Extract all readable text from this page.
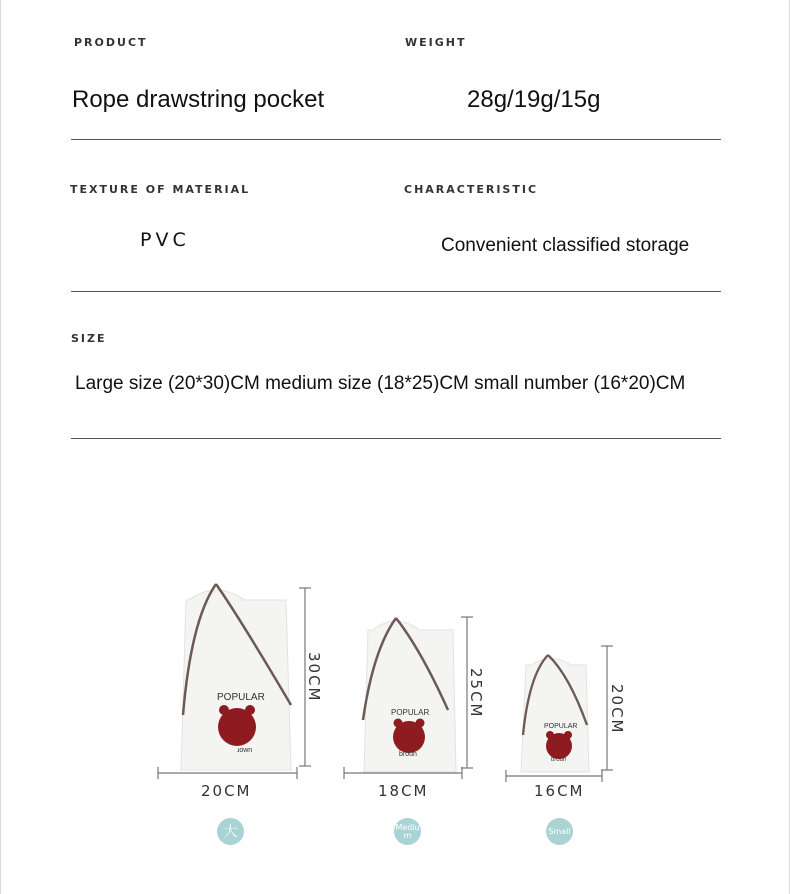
PRODUCT
Rope drawstring pocket
WEIGHT
28g/19g/15g
TEXTURE OF MATERIAL
PVC
CHARACTERISTIC
Convenient classified storage
SIZE
Large size (20*30)CM medium size (18*25)CM small number (16*20)CM
POPULAR
ɹown
POPULAR
broun
POPULAR
broun
20CM	18CM	16CM
30CM	25CM	20CM
大	Medium	Small
